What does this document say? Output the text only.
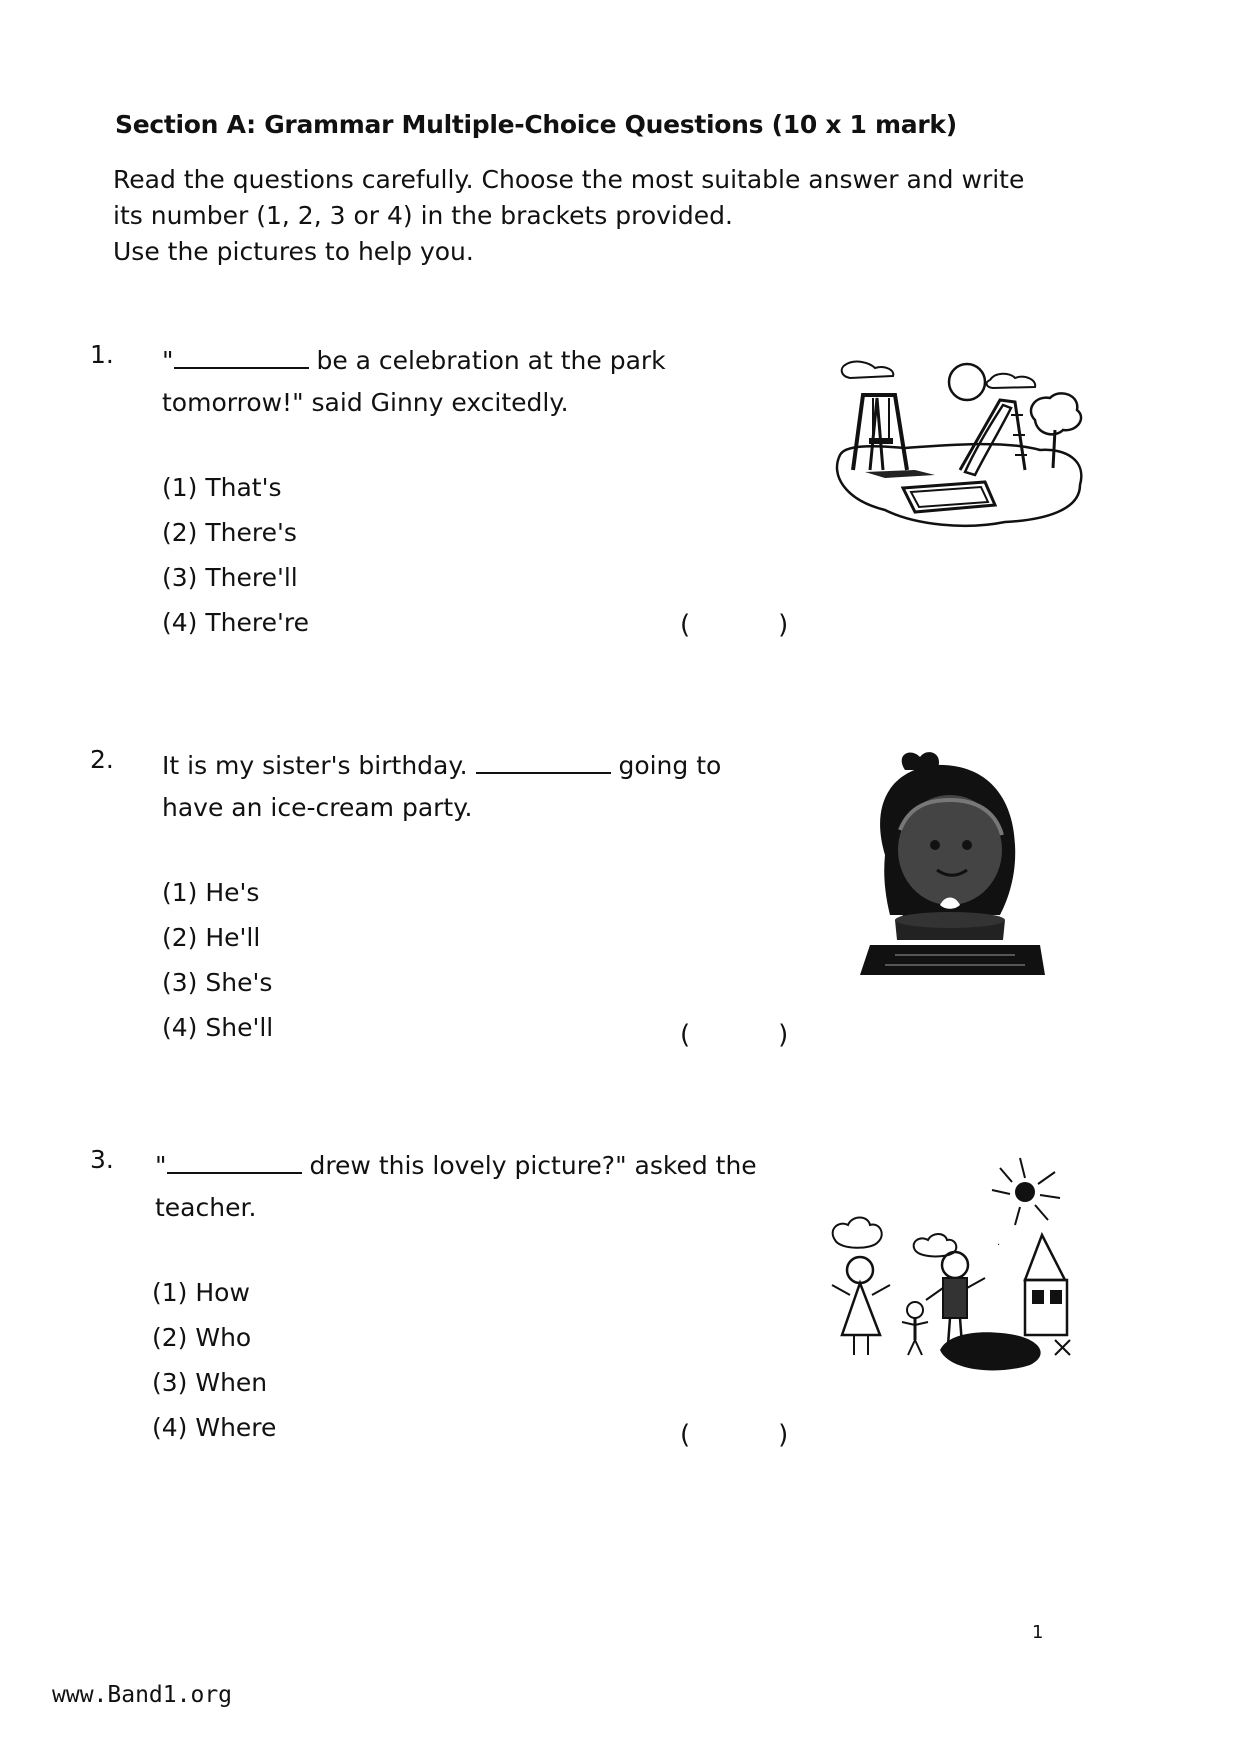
Section A: Grammar Multiple-Choice Questions (10 x 1 mark)
Read the questions carefully. Choose the most suitable answer and write
its number (1, 2, 3 or 4) in the brackets provided.
Use the pictures to help you.
1. "	be a celebration at the park
tomorrow!" said Ginny excitedly.
(1) That's
(2) There's
(3) There'll
(4) There're	(	)
2. It is my sister's birthday.	going to
have an ice-cream party.
(1) He's
(2) He'll
(3) She's
(4) She'll	(	)
3. "	drew this lovely picture?" asked the
teacher.
(1) How
(2) Who
(3) When
(4) Where	(	)
.
1
www.Band1.org
